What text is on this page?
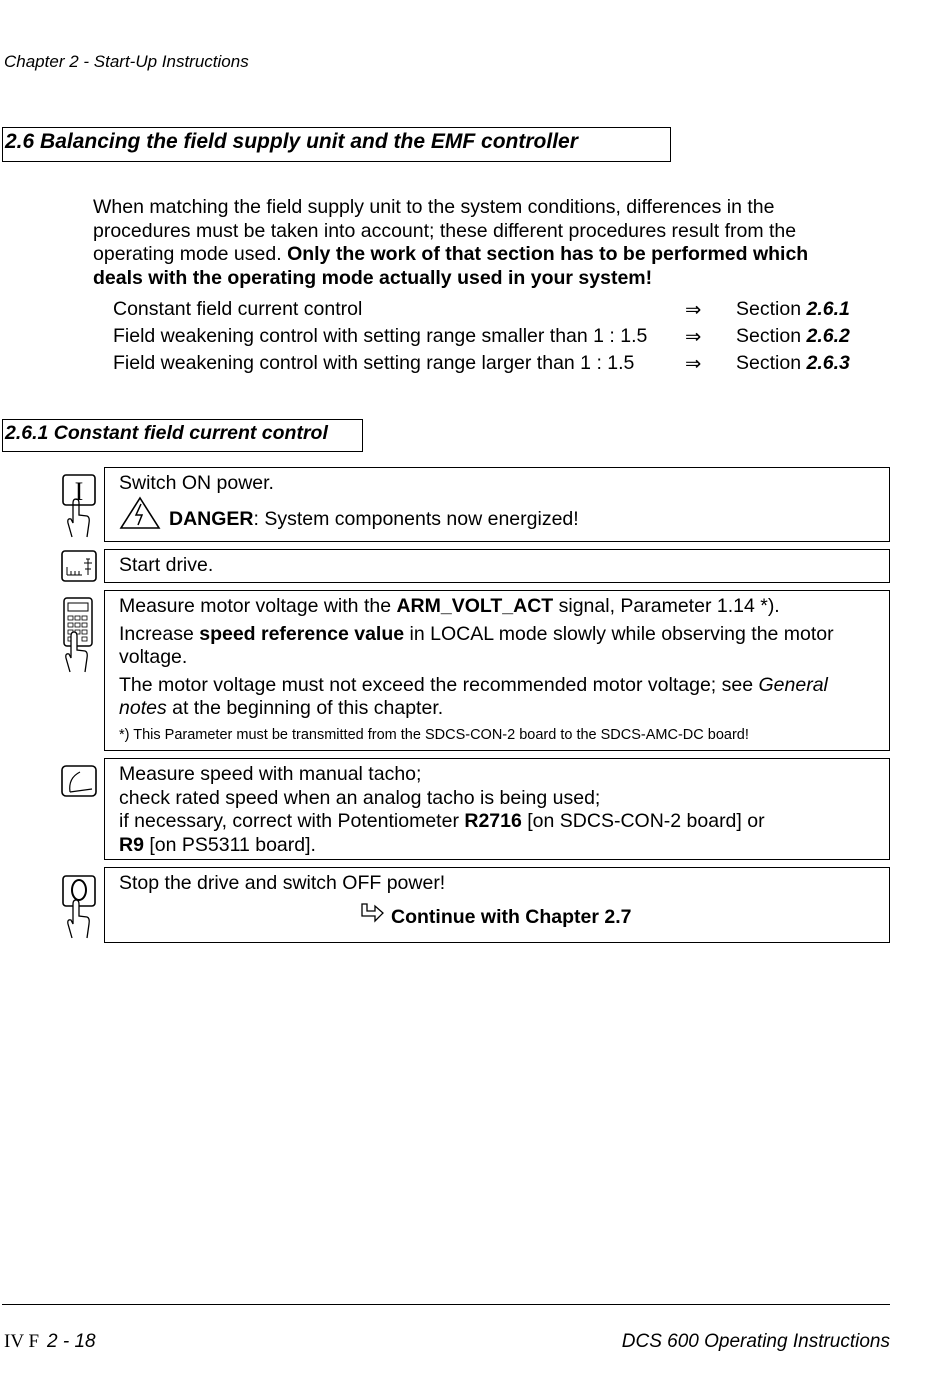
Chapter 2 - Start-Up Instructions
2.6 Balancing the field supply unit and the EMF controller
When matching the field supply unit to the system conditions, differences in the procedures must be taken into account; these different procedures result from the operating mode used. Only the work of that section has to be performed which deals with the operating mode actually used in your system!
Constant field current control	⇒ Section 2.6.1
Field weakening control with setting range smaller than 1 : 1.5 ⇒ Section 2.6.2
Field weakening control with setting range larger than 1 : 1.5	⇒ Section 2.6.3
2.6.1 Constant field current control
I Switch ON power.

DANGER: System components now energized!

Start drive.

Measure motor voltage with the ARM_VOLT_ACT signal, Parameter 1.14 *).

Increase speed reference value in LOCAL mode slowly while observing the motor voltage.

The motor voltage must not exceed the recommended motor voltage; see General notes at the beginning of this chapter.

*) This Parameter must be transmitted from the SDCS-CON-2 board to the SDCS-AMC-DC board!

Measure speed with manual tacho;
check rated speed when an analog tacho is being used;
if necessary, correct with Potentiometer R2716 [on SDCS-CON-2 board] or
R9 [on PS5311 board].

Stop the drive and switch OFF power!

Continue with Chapter 2.7
IV F 2 - 18	DCS 600 Operating Instructions
